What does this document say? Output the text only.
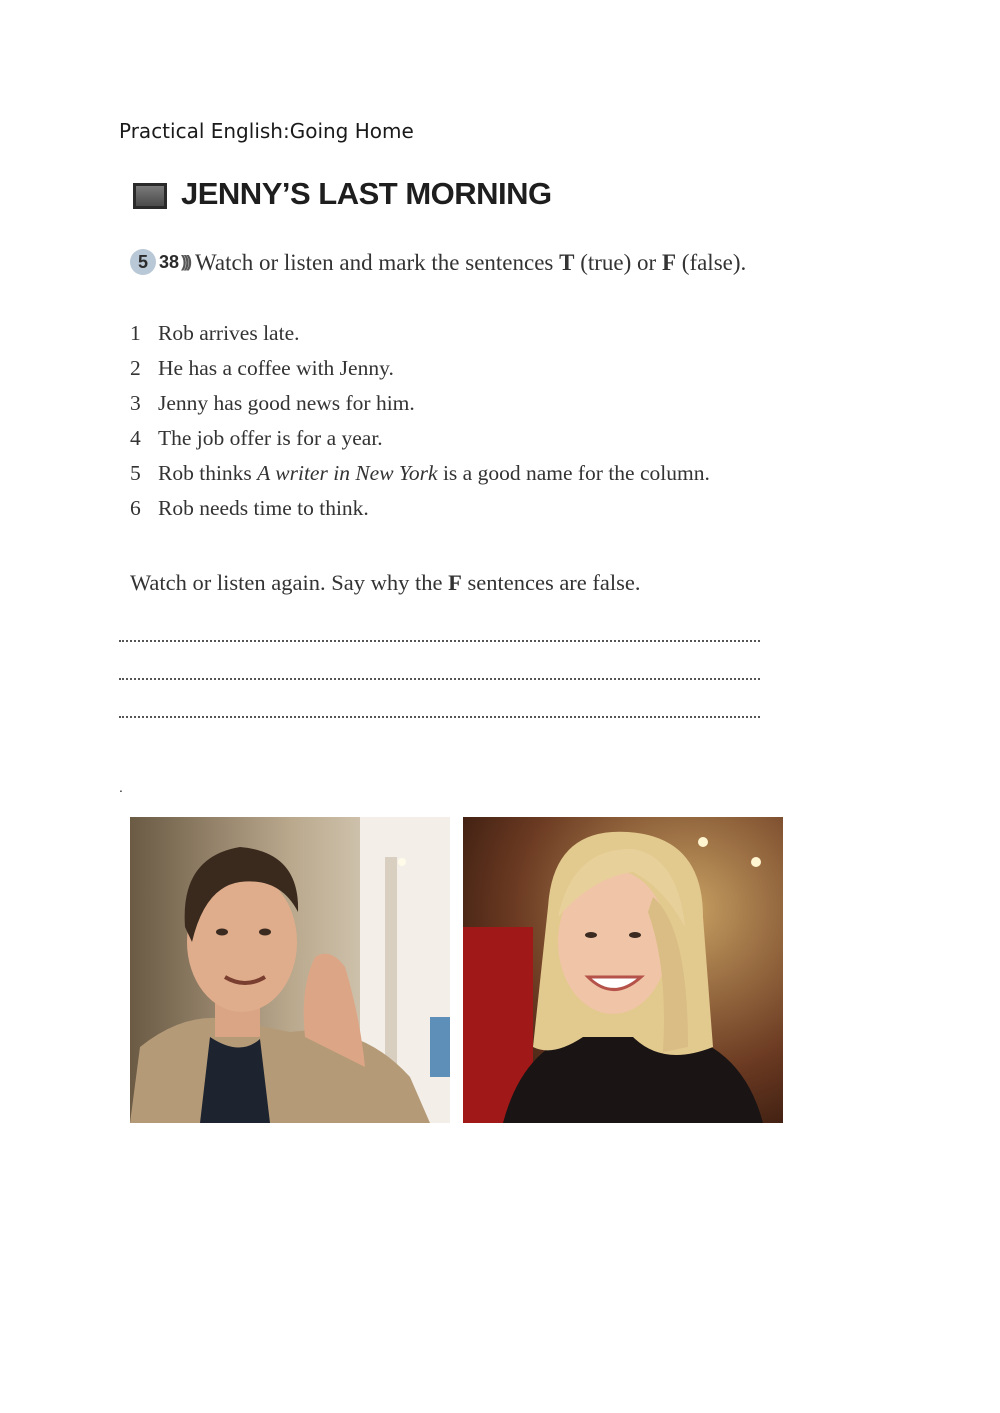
Practical English:Going Home
JENNY’S LAST MORNING
5 38 ))) Watch or listen and mark the sentences T (true) or F (false).
1 Rob arrives late.
2 He has a coffee with Jenny.
3 Jenny has good news for him.
4 The job offer is for a year.
5 Rob thinks A writer in New York is a good name for the column.
6 Rob needs time to think.
Watch or listen again. Say why the F sentences are false.
.
